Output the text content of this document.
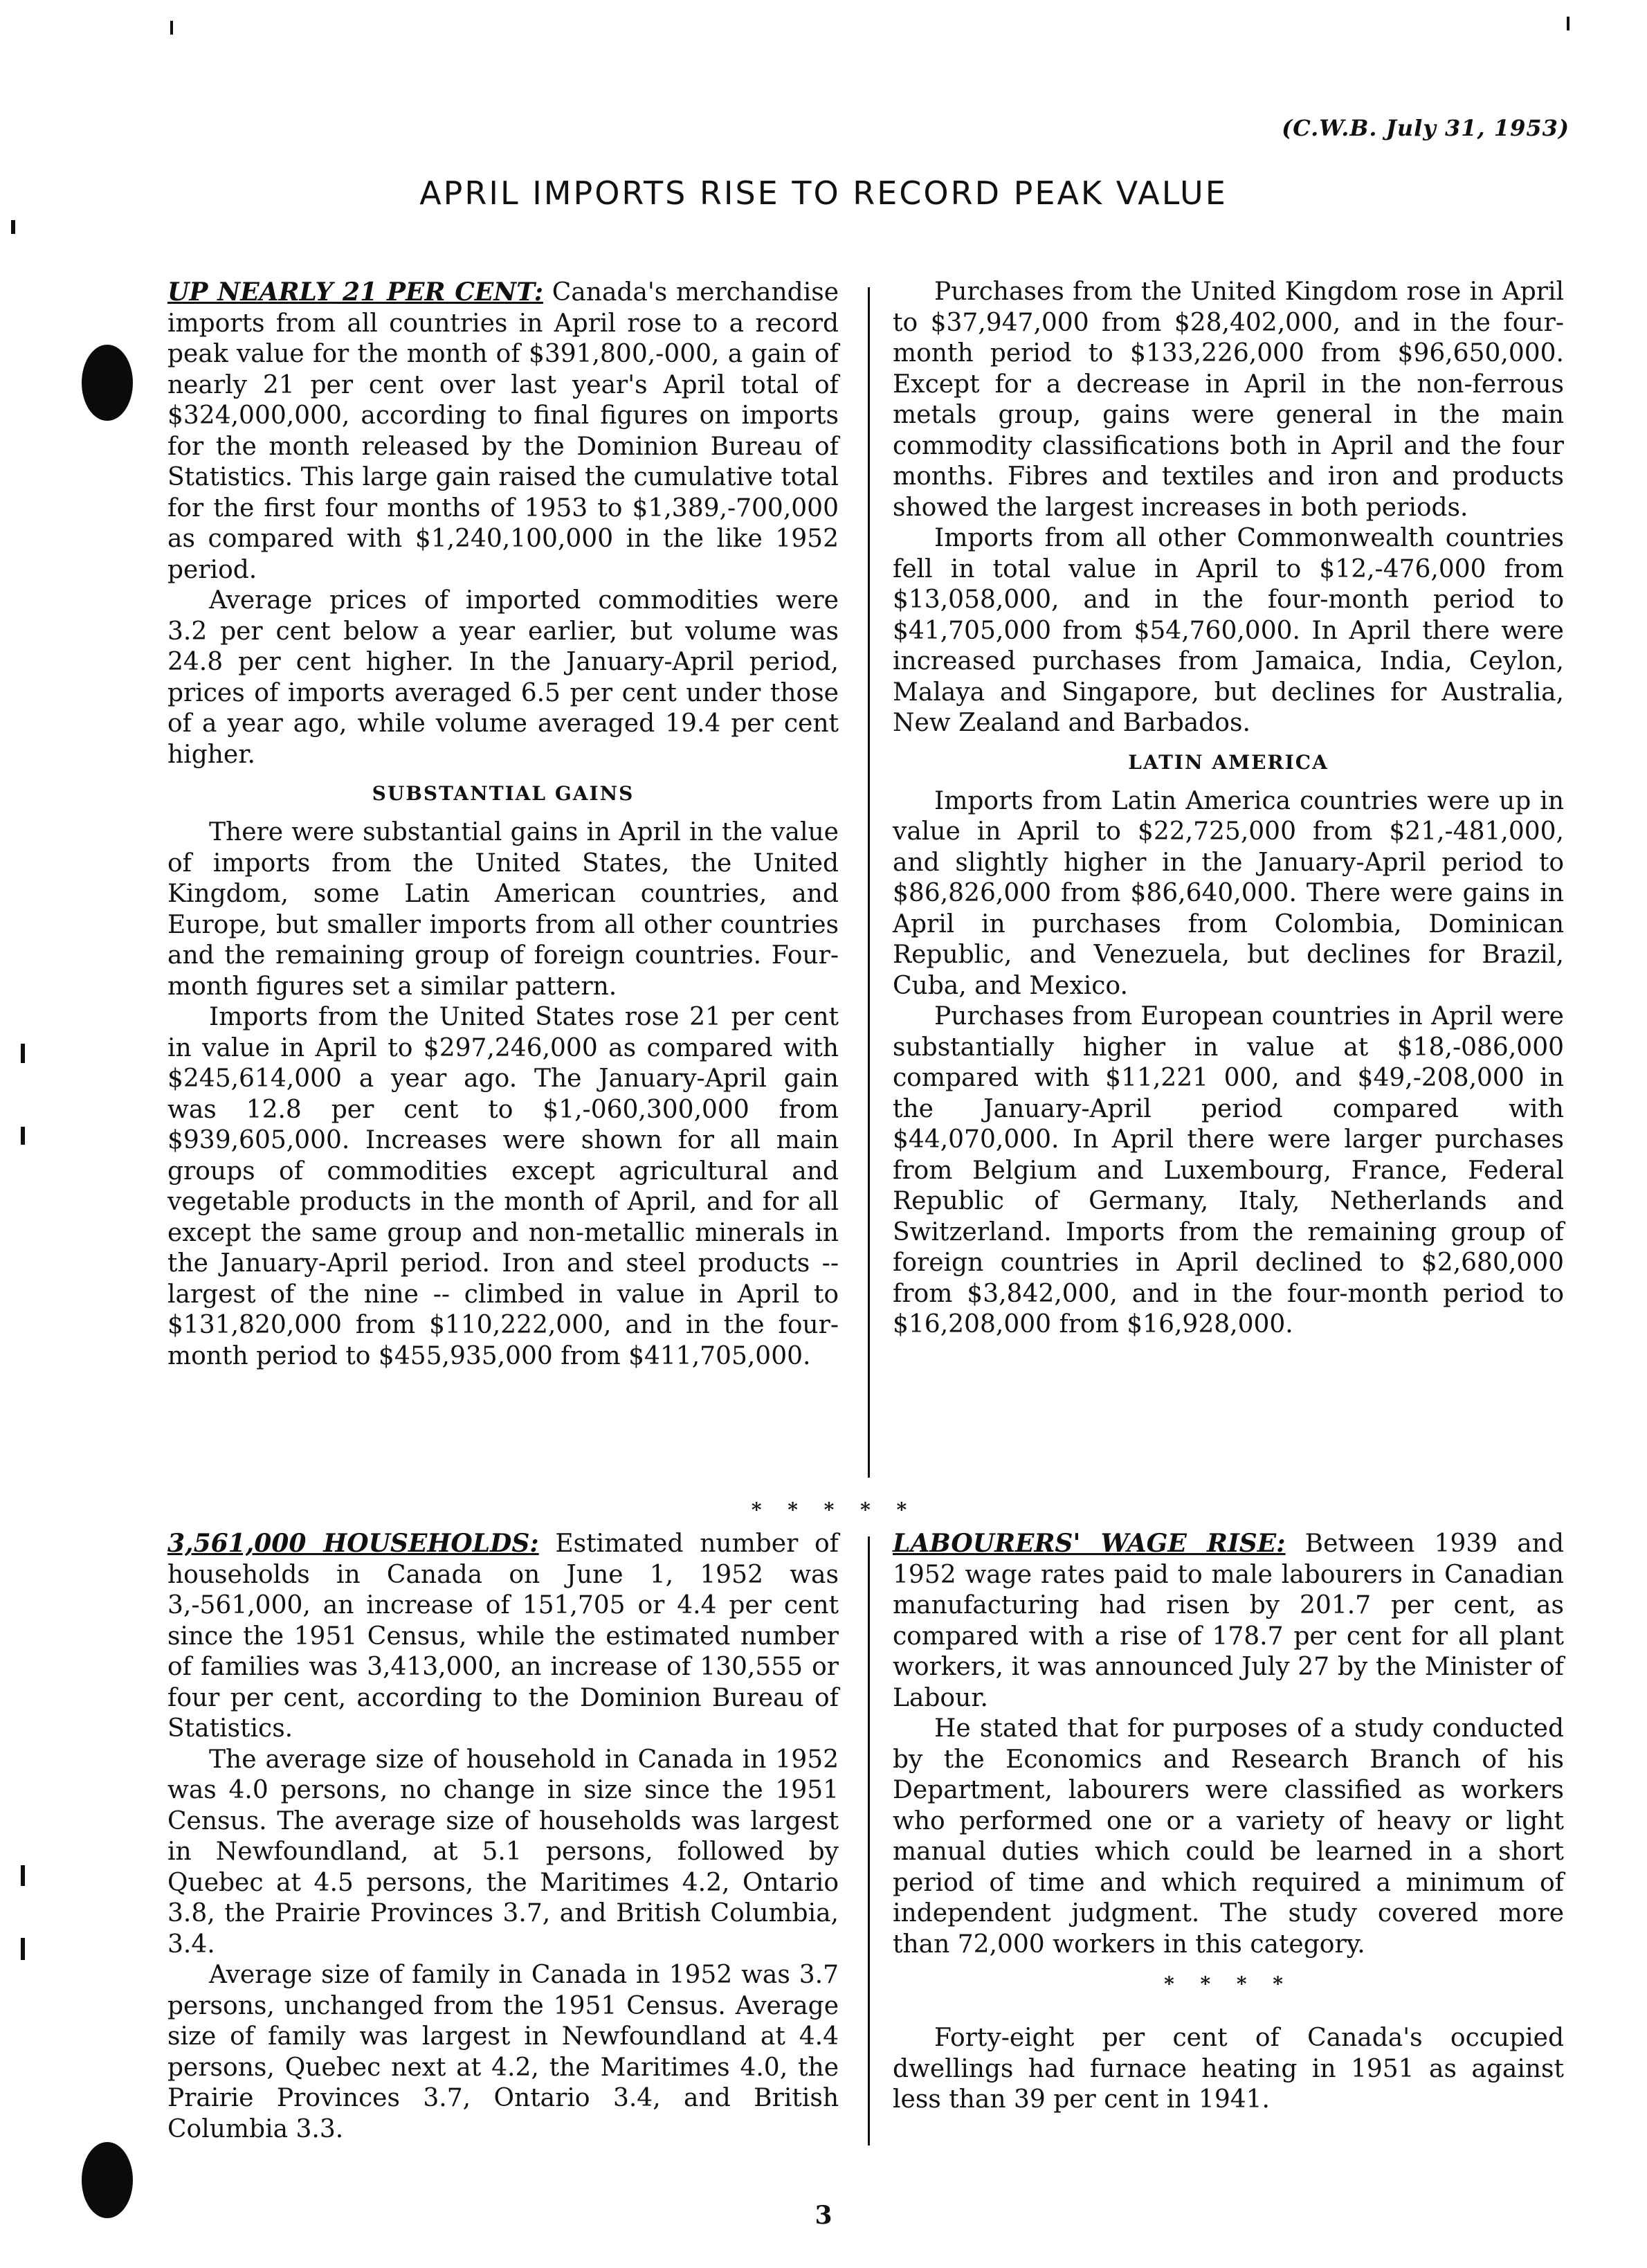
(C.W.B. July 31, 1953)
APRIL IMPORTS RISE TO RECORD PEAK VALUE

UP NEARLY 21 PER CENT: Canada's merchandise imports from all countries in April rose to a record peak value for the month of $391,800,-000, a gain of nearly 21 per cent over last year's April total of $324,000,000, according to final figures on imports for the month released by the Dominion Bureau of Statistics. This large gain raised the cumulative total for the first four months of 1953 to $1,389,-700,000 as compared with $1,240,100,000 in the like 1952 period.

Average prices of imported commodities were 3.2 per cent below a year earlier, but volume was 24.8 per cent higher. In the January-April period, prices of imports averaged 6.5 per cent under those of a year ago, while volume averaged 19.4 per cent higher.

SUBSTANTIAL GAINS

There were substantial gains in April in the value of imports from the United States, the United Kingdom, some Latin American countries, and Europe, but smaller imports from all other countries and the remaining group of foreign countries. Four-month figures set a similar pattern.

Imports from the United States rose 21 per cent in value in April to $297,246,000 as compared with $245,614,000 a year ago. The January-April gain was 12.8 per cent to $1,-060,300,000 from $939,605,000. Increases were shown for all main groups of commodities except agricultural and vegetable products in the month of April, and for all except the same group and non-metallic minerals in the January-April period. Iron and steel products -- largest of the nine -- climbed in value in April to $131,820,000 from $110,222,000, and in the four-month period to $455,935,000 from $411,705,000.

Purchases from the United Kingdom rose in April to $37,947,000 from $28,402,000, and in the four-month period to $133,226,000 from $96,650,000. Except for a decrease in April in the non-ferrous metals group, gains were general in the main commodity classifications both in April and the four months. Fibres and textiles and iron and products showed the largest increases in both periods.

Imports from all other Commonwealth countries fell in total value in April to $12,-476,000 from $13,058,000, and in the four-month period to $41,705,000 from $54,760,000. In April there were increased purchases from Jamaica, India, Ceylon, Malaya and Singapore, but declines for Australia, New Zealand and Barbados.

LATIN AMERICA

Imports from Latin America countries were up in value in April to $22,725,000 from $21,-481,000, and slightly higher in the January-April period to $86,826,000 from $86,640,000. There were gains in April in purchases from Colombia, Dominican Republic, and Venezuela, but declines for Brazil, Cuba, and Mexico.

Purchases from European countries in April were substantially higher in value at $18,-086,000 compared with $11,221 000, and $49,-208,000 in the January-April period compared with $44,070,000. In April there were larger purchases from Belgium and Luxembourg, France, Federal Republic of Germany, Italy, Netherlands and Switzerland. Imports from the remaining group of foreign countries in April declined to $2,680,000 from $3,842,000, and in the four-month period to $16,208,000 from $16,928,000.

* * * * *

3,561,000 HOUSEHOLDS: Estimated number of households in Canada on June 1, 1952 was 3,-561,000, an increase of 151,705 or 4.4 per cent since the 1951 Census, while the estimated number of families was 3,413,000, an increase of 130,555 or four per cent, according to the Dominion Bureau of Statistics.

The average size of household in Canada in 1952 was 4.0 persons, no change in size since the 1951 Census. The average size of households was largest in Newfoundland, at 5.1 persons, followed by Quebec at 4.5 persons, the Maritimes 4.2, Ontario 3.8, the Prairie Provinces 3.7, and British Columbia, 3.4.

Average size of family in Canada in 1952 was 3.7 persons, unchanged from the 1951 Census. Average size of family was largest in Newfoundland at 4.4 persons, Quebec next at 4.2, the Maritimes 4.0, the Prairie Provinces 3.7, Ontario 3.4, and British Columbia 3.3.

LABOURERS' WAGE RISE: Between 1939 and 1952 wage rates paid to male labourers in Canadian manufacturing had risen by 201.7 per cent, as compared with a rise of 178.7 per cent for all plant workers, it was announced July 27 by the Minister of Labour.

He stated that for purposes of a study conducted by the Economics and Research Branch of his Department, labourers were classified as workers who performed one or a variety of heavy or light manual duties which could be learned in a short period of time and which required a minimum of independent judgment. The study covered more than 72,000 workers in this category.

* * * *

Forty-eight per cent of Canada's occupied dwellings had furnace heating in 1951 as against less than 39 per cent in 1941.

3
